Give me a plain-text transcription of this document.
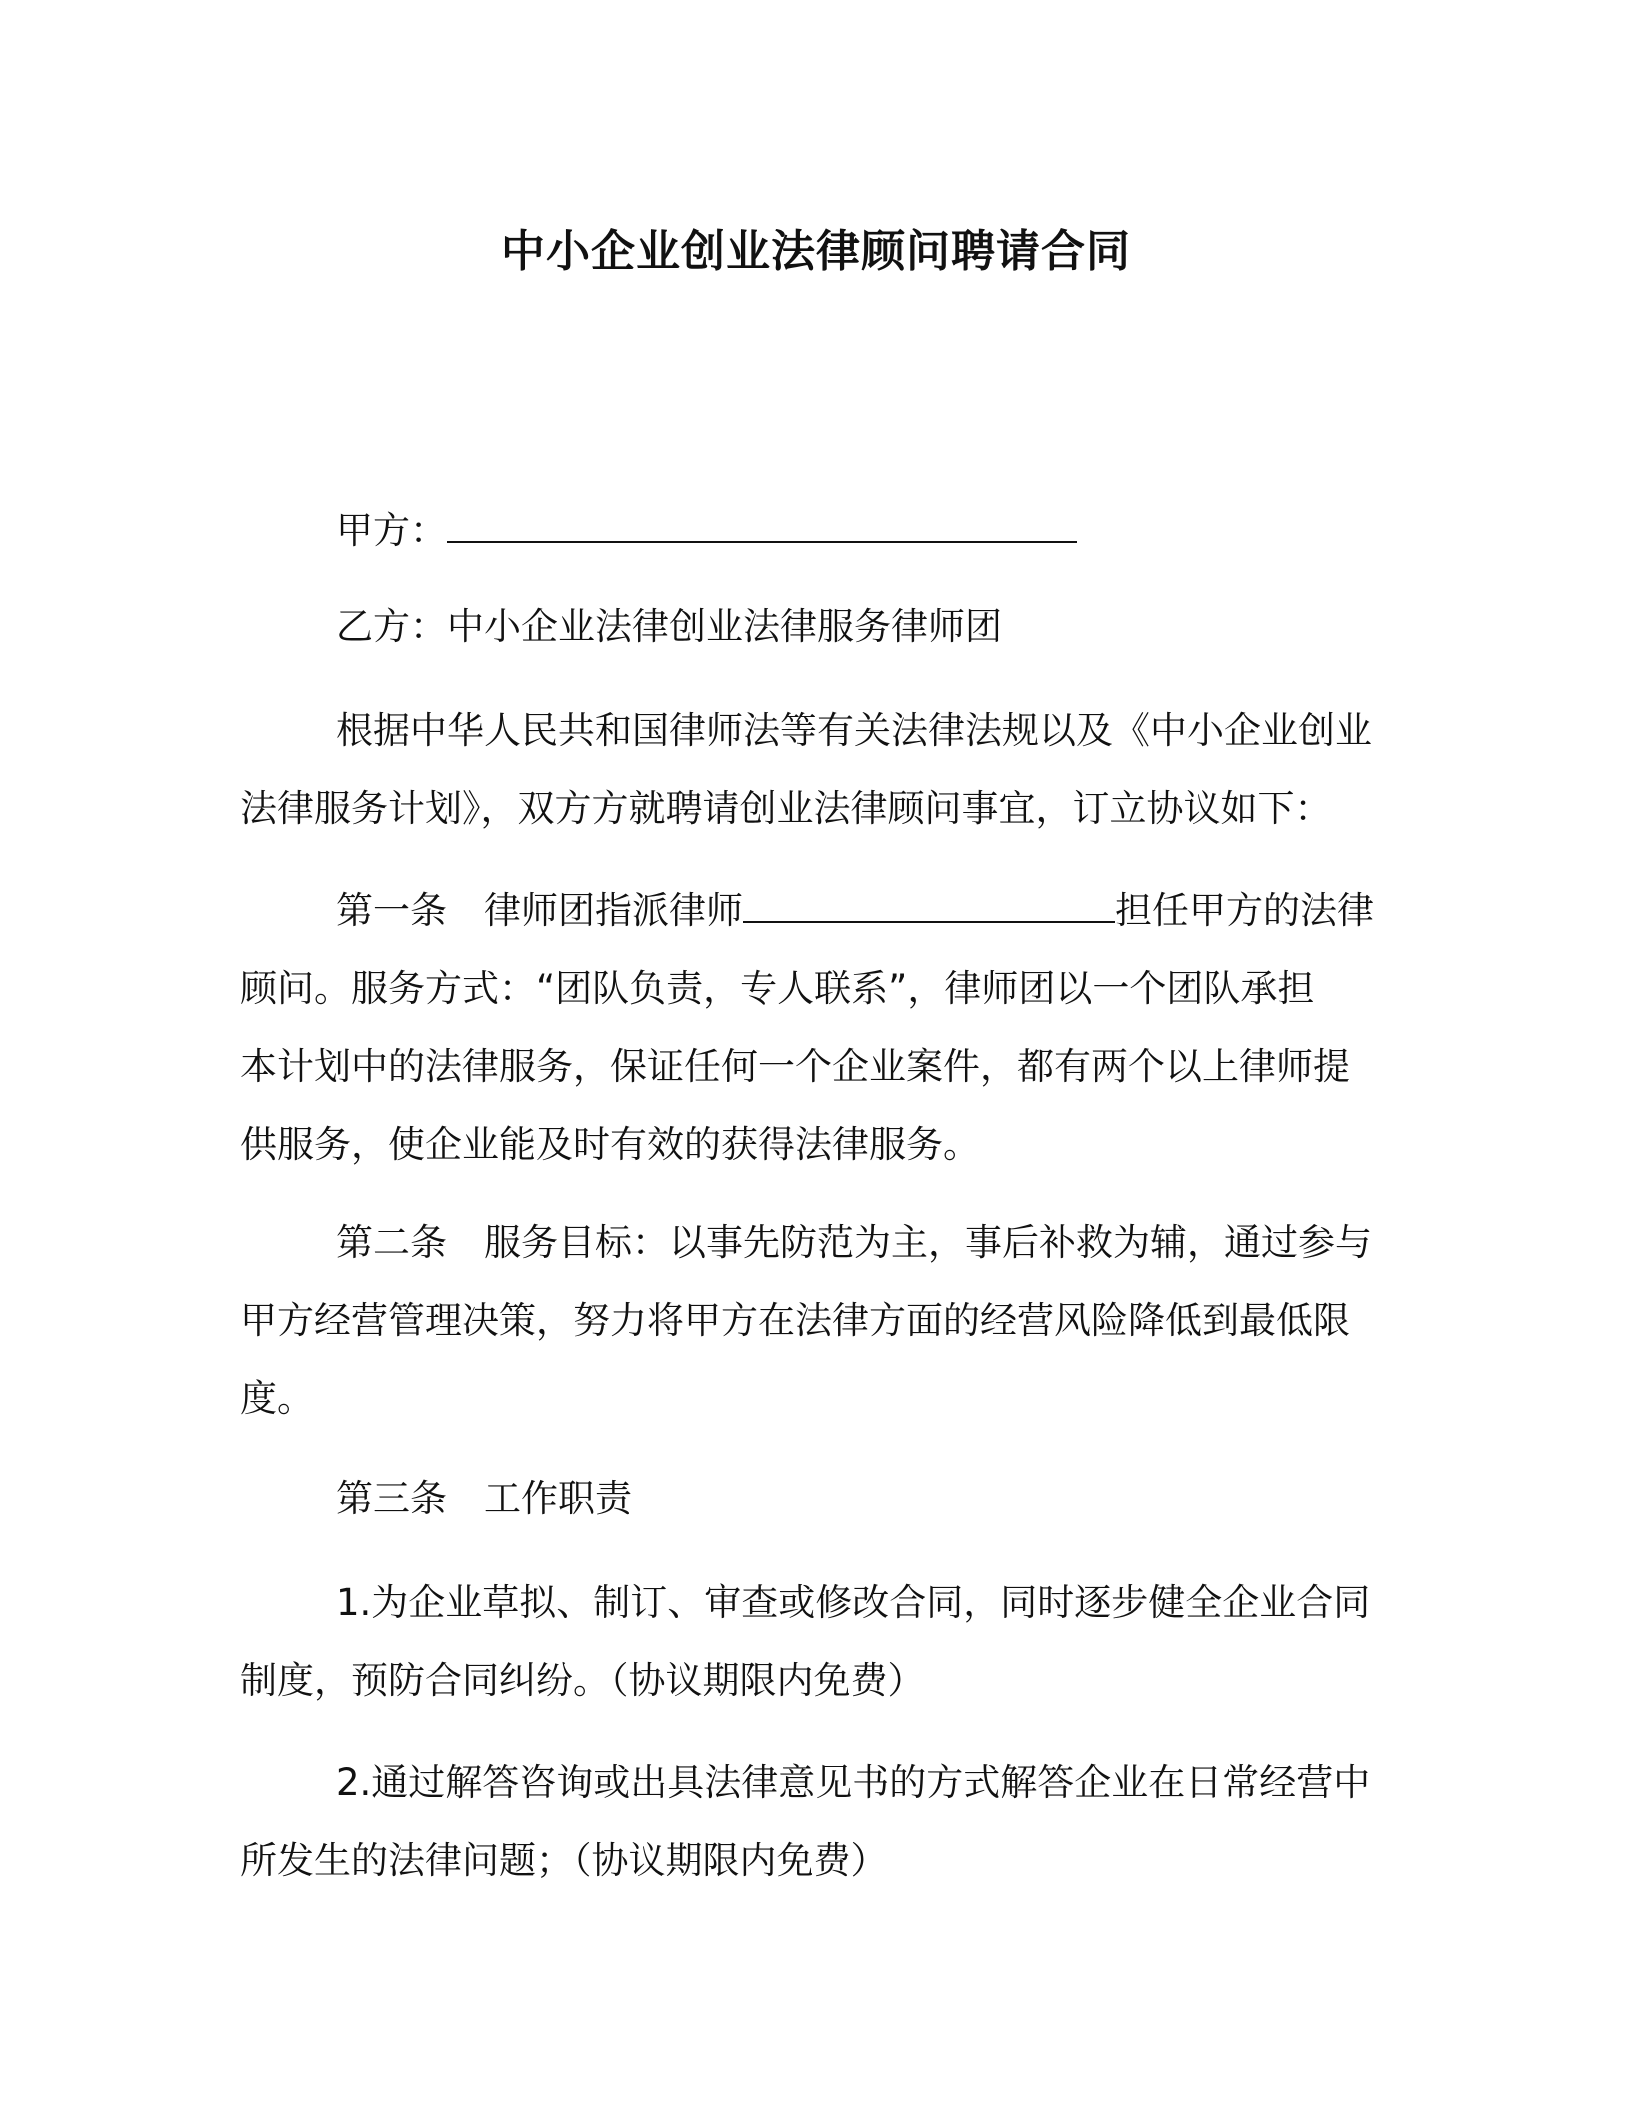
中小企业创业法律顾问聘请合同
甲方：
乙方：中小企业法律创业法律服务律师团
根据中华人民共和国律师法等有关法律法规以及《中小企业创业
法律服务计划》，双方方就聘请创业法律顾问事宜，订立协议如下：
第一条　律师团指派律师	担任甲方的法律
顾问。服务方式：“团队负责，专人联系”，律师团以一个团队承担
本计划中的法律服务，保证任何一个企业案件，都有两个以上律师提
供服务，使企业能及时有效的获得法律服务。
第二条　服务目标：以事先防范为主，事后补救为辅，通过参与
甲方经营管理决策，努力将甲方在法律方面的经营风险降低到最低限
度。
第三条　工作职责
1.为企业草拟、制订、审查或修改合同，同时逐步健全企业合同
制度，预防合同纠纷。（协议期限内免费）
2.通过解答咨询或出具法律意见书的方式解答企业在日常经营中
所发生的法律问题；（协议期限内免费）
